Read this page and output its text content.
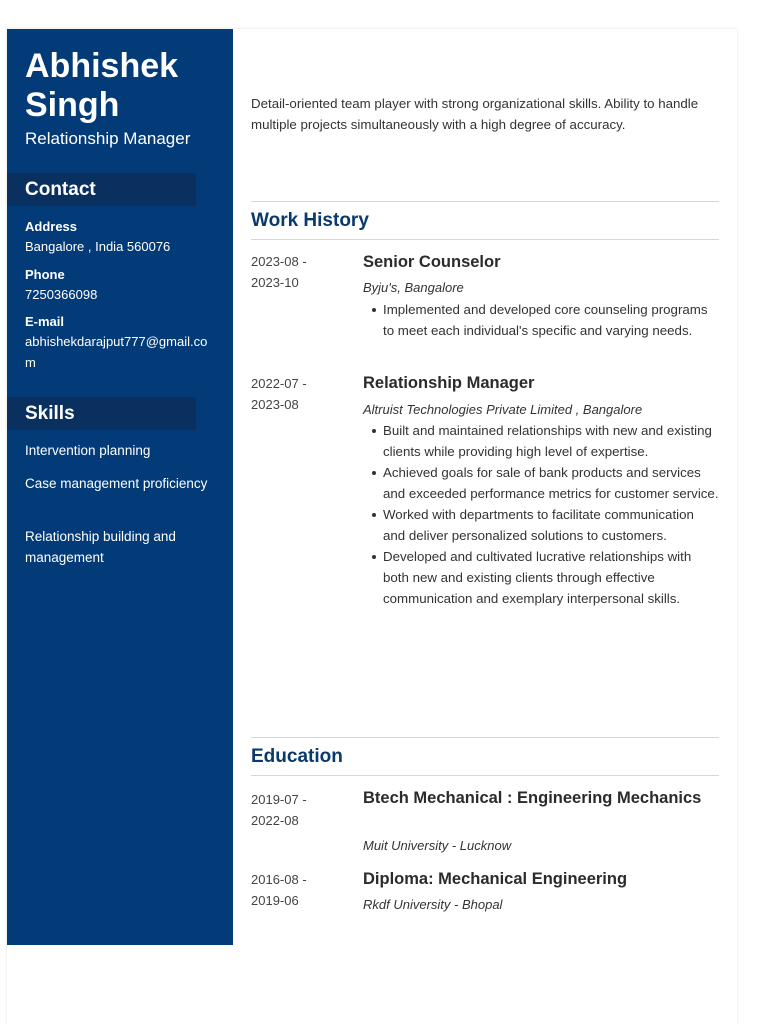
Abhishek
Singh
Relationship Manager
Contact
Address
Bangalore , India 560076
Phone
7250366098
E-mail
abhishekdarajput777@gmail.com
Skills
Intervention planning
Case management proficiency
Relationship building and management
Detail-oriented team player with strong organizational skills. Ability to handle multiple projects simultaneously with a high degree of accuracy.
Work History
2023-08 -
2023-10
Senior Counselor
Byju's, Bangalore
Implemented and developed core counseling programs to meet each individual's specific and varying needs.
2022-07 -
2023-08
Relationship Manager
Altruist Technologies Private Limited , Bangalore
Built and maintained relationships with new and existing clients while providing high level of expertise.
Achieved goals for sale of bank products and services and exceeded performance metrics for customer service.
Worked with departments to facilitate communication and deliver personalized solutions to customers.
Developed and cultivated lucrative relationships with both new and existing clients through effective communication and exemplary interpersonal skills.
Education
2019-07 -
2022-08
Btech Mechanical : Engineering Mechanics
Muit University - Lucknow
2016-08 -
2019-06
Diploma: Mechanical Engineering
Rkdf University - Bhopal
